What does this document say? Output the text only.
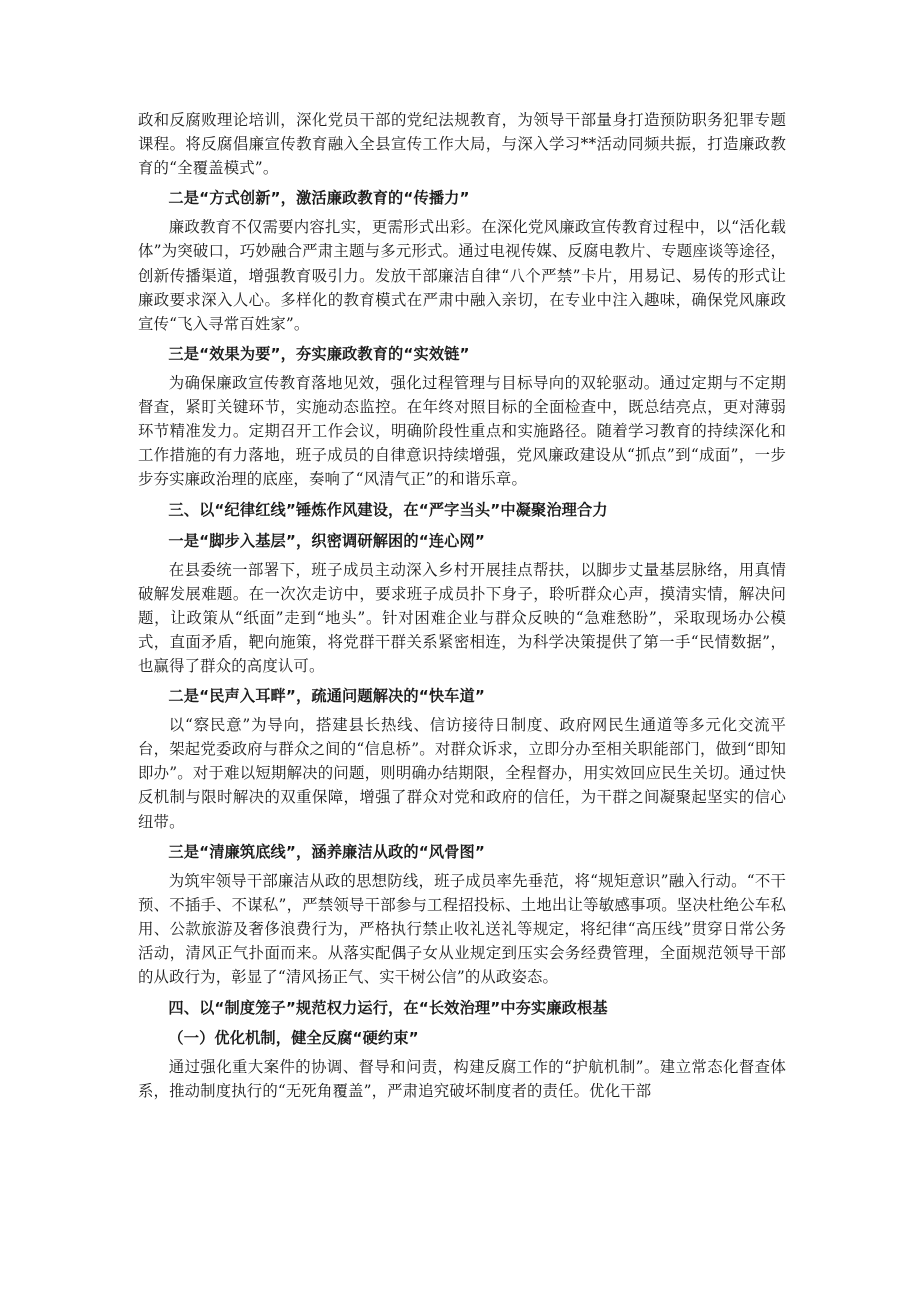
政和反腐败理论培训，深化党员干部的党纪法规教育，为领导干部量身打造预防职务犯罪专题课程。将反腐倡廉宣传教育融入全县宣传工作大局，与深入学习**活动同频共振，打造廉政教育的“全覆盖模式”。

二是“方式创新”，激活廉政教育的“传播力”

廉政教育不仅需要内容扎实，更需形式出彩。在深化党风廉政宣传教育过程中，以“活化载体”为突破口，巧妙融合严肃主题与多元形式。通过电视传媒、反腐电教片、专题座谈等途径，创新传播渠道，增强教育吸引力。发放干部廉洁自律“八个严禁”卡片，用易记、易传的形式让廉政要求深入人心。多样化的教育模式在严肃中融入亲切，在专业中注入趣味，确保党风廉政宣传“飞入寻常百姓家”。

三是“效果为要”，夯实廉政教育的“实效链”

为确保廉政宣传教育落地见效，强化过程管理与目标导向的双轮驱动。通过定期与不定期督查，紧盯关键环节，实施动态监控。在年终对照目标的全面检查中，既总结亮点，更对薄弱环节精准发力。定期召开工作会议，明确阶段性重点和实施路径。随着学习教育的持续深化和工作措施的有力落地，班子成员的自律意识持续增强，党风廉政建设从“抓点”到“成面”，一步步夯实廉政治理的底座，奏响了“风清气正”的和谐乐章。

三、以“纪律红线”锤炼作风建设，在“严字当头”中凝聚治理合力

一是“脚步入基层”，织密调研解困的“连心网”

在县委统一部署下，班子成员主动深入乡村开展挂点帮扶，以脚步丈量基层脉络，用真情破解发展难题。在一次次走访中，要求班子成员扑下身子，聆听群众心声，摸清实情，解决问题，让政策从“纸面”走到“地头”。针对困难企业与群众反映的“急难愁盼”，采取现场办公模式，直面矛盾，靶向施策，将党群干群关系紧密相连，为科学决策提供了第一手“民情数据”，也赢得了群众的高度认可。

二是“民声入耳畔”，疏通问题解决的“快车道”

以“察民意”为导向，搭建县长热线、信访接待日制度、政府网民生通道等多元化交流平台，架起党委政府与群众之间的“信息桥”。对群众诉求，立即分办至相关职能部门，做到“即知即办”。对于难以短期解决的问题，则明确办结期限，全程督办，用实效回应民生关切。通过快反机制与限时解决的双重保障，增强了群众对党和政府的信任，为干群之间凝聚起坚实的信心纽带。

三是“清廉筑底线”，涵养廉洁从政的“风骨图”

为筑牢领导干部廉洁从政的思想防线，班子成员率先垂范，将“规矩意识”融入行动。“不干预、不插手、不谋私”，严禁领导干部参与工程招投标、土地出让等敏感事项。坚决杜绝公车私用、公款旅游及奢侈浪费行为，严格执行禁止收礼送礼等规定，将纪律“高压线”贯穿日常公务活动，清风正气扑面而来。从落实配偶子女从业规定到压实会务经费管理，全面规范领导干部的从政行为，彰显了“清风扬正气、实干树公信”的从政姿态。

四、以“制度笼子”规范权力运行，在“长效治理”中夯实廉政根基

（一）优化机制，健全反腐“硬约束”

通过强化重大案件的协调、督导和问责，构建反腐工作的“护航机制”。建立常态化督查体系，推动制度执行的“无死角覆盖”，严肃追究破坏制度者的责任。优化干部
